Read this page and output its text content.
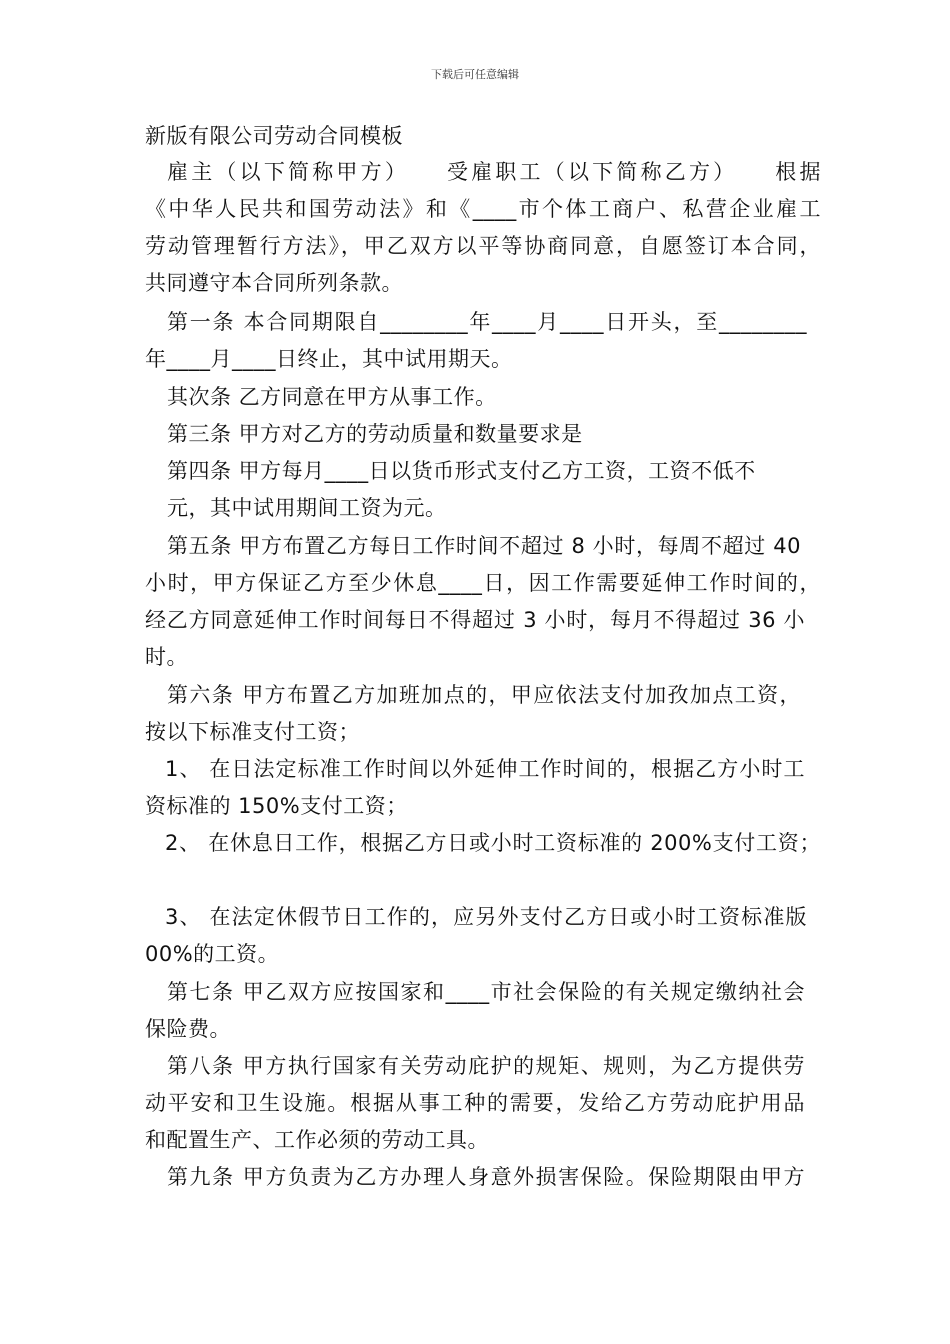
下载后可任意编辑
新版有限公司劳动合同模板
雇主（以下简称甲方）　　受雇职工（以下简称乙方）　　根据
《中华人民共和国劳动法》和《____市个体工商户、私营企业雇工
劳动管理暂行方法》，甲乙双方以平等协商同意，自愿签订本合同，
共同遵守本合同所列条款。
第一条 本合同期限自________年____月____日开头，至________
年____月____日终止，其中试用期天。
其次条 乙方同意在甲方从事工作。
第三条 甲方对乙方的劳动质量和数量要求是
第四条 甲方每月____日以货币形式支付乙方工资，工资不低不
元，其中试用期间工资为元。
第五条 甲方布置乙方每日工作时间不超过 8 小时，每周不超过 40
小时，甲方保证乙方至少休息____日，因工作需要延伸工作时间的，
经乙方同意延伸工作时间每日不得超过 3 小时，每月不得超过 36 小
时。
第六条 甲方布置乙方加班加点的，甲应依法支付加孜加点工资，
按以下标准支付工资；
1、 在日法定标准工作时间以外延伸工作时间的，根据乙方小时工
资标准的 150%支付工资；
2、 在休息日工作，根据乙方日或小时工资标准的 200%支付工资；
3、 在法定休假节日工作的，应另外支付乙方日或小时工资标准版
00%的工资。
第七条 甲乙双方应按国家和____市社会保险的有关规定缴纳社会
保险费。
第八条 甲方执行国家有关劳动庇护的规矩、规则，为乙方提供劳
动平安和卫生设施。根据从事工种的需要，发给乙方劳动庇护用品
和配置生产、工作必须的劳动工具。
第九条 甲方负责为乙方办理人身意外损害保险。保险期限由甲方
